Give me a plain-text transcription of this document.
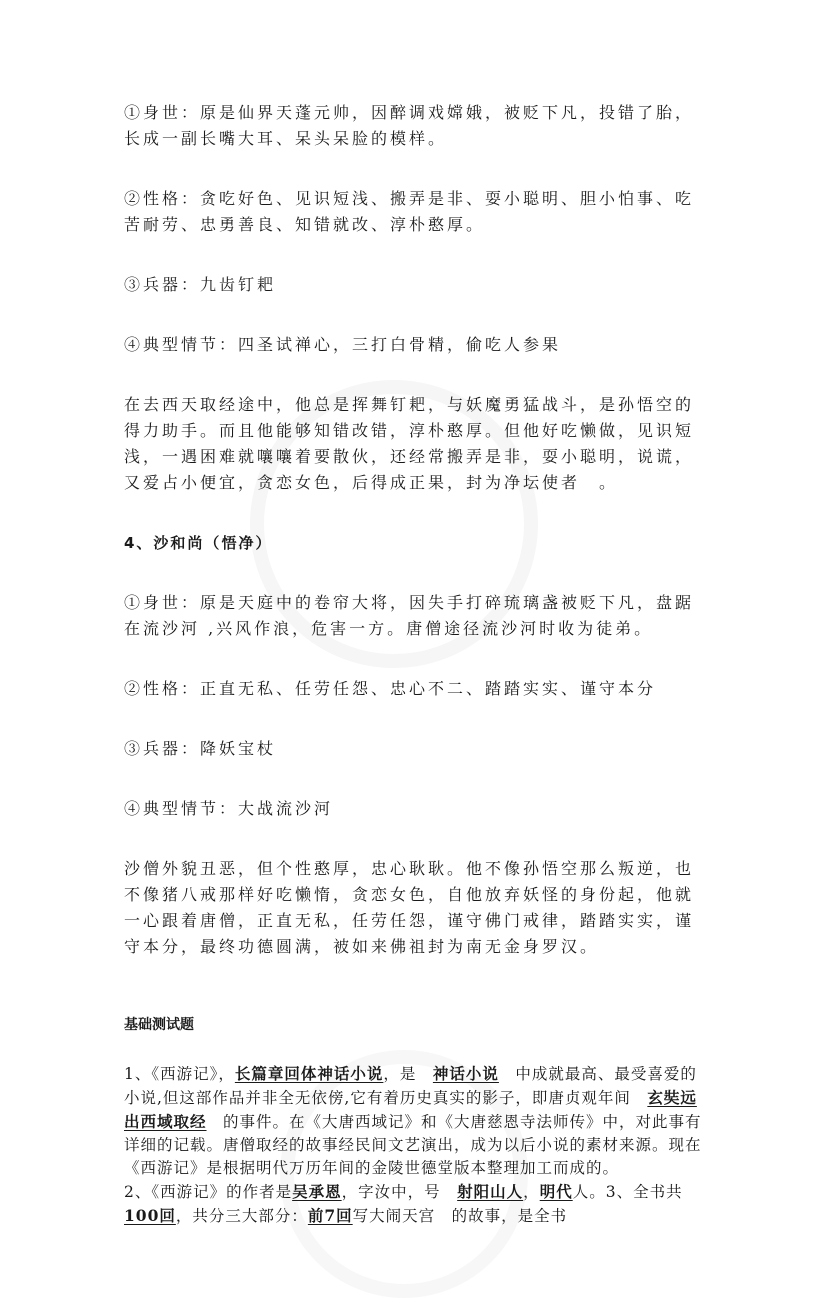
①身世：原是仙界天蓬元帅，因醉调戏嫦娥，被贬下凡，投错了胎，长成一副长嘴大耳、呆头呆脸的模样。

②性格：贪吃好色、见识短浅、搬弄是非、耍小聪明、胆小怕事、吃苦耐劳、忠勇善良、知错就改、淳朴憨厚。

③兵器：九齿钉耙

④典型情节：四圣试禅心，三打白骨精，偷吃人参果

在去西天取经途中，他总是挥舞钉耙，与妖魔勇猛战斗，是孙悟空的得力助手。而且他能够知错改错，淳朴憨厚。但他好吃懒做，见识短浅，一遇困难就嚷嚷着要散伙，还经常搬弄是非，耍小聪明，说谎，又爱占小便宜，贪恋女色，后得成正果，封为净坛使者　。

4、沙和尚（悟净）

①身世：原是天庭中的卷帘大将，因失手打碎琉璃盏被贬下凡，盘踞在流沙河 ,兴风作浪，危害一方。唐僧途径流沙河时收为徒弟。

②性格：正直无私、任劳任怨、忠心不二、踏踏实实、谨守本分

③兵器：降妖宝杖

④典型情节：大战流沙河

沙僧外貌丑恶，但个性憨厚，忠心耿耿。他不像孙悟空那么叛逆，也不像猪八戒那样好吃懒惰，贪恋女色，自他放弃妖怪的身份起，他就一心跟着唐僧，正直无私，任劳任怨，谨守佛门戒律，踏踏实实，谨守本分，最终功德圆满，被如来佛祖封为南无金身罗汉。

基础测试题

1、《西游记》，长篇章回体神话小说，是　神话小说　中成就最高、最受喜爱的小说,但这部作品并非全无依傍,它有着历史真实的影子，即唐贞观年间　玄奘远出西域取经　的事件。在《大唐西域记》和《大唐慈恩寺法师传》中，对此事有详细的记载。唐僧取经的故事经民间文艺演出，成为以后小说的素材来源。现在《西游记》是根据明代万历年间的金陵世德堂版本整理加工而成的。

2、《西游记》的作者是吴承恩，字汝中，号　射阳山人，明代人。3、全书共　100回，共分三大部分：前7回写大闹天宫　的故事，是全书
